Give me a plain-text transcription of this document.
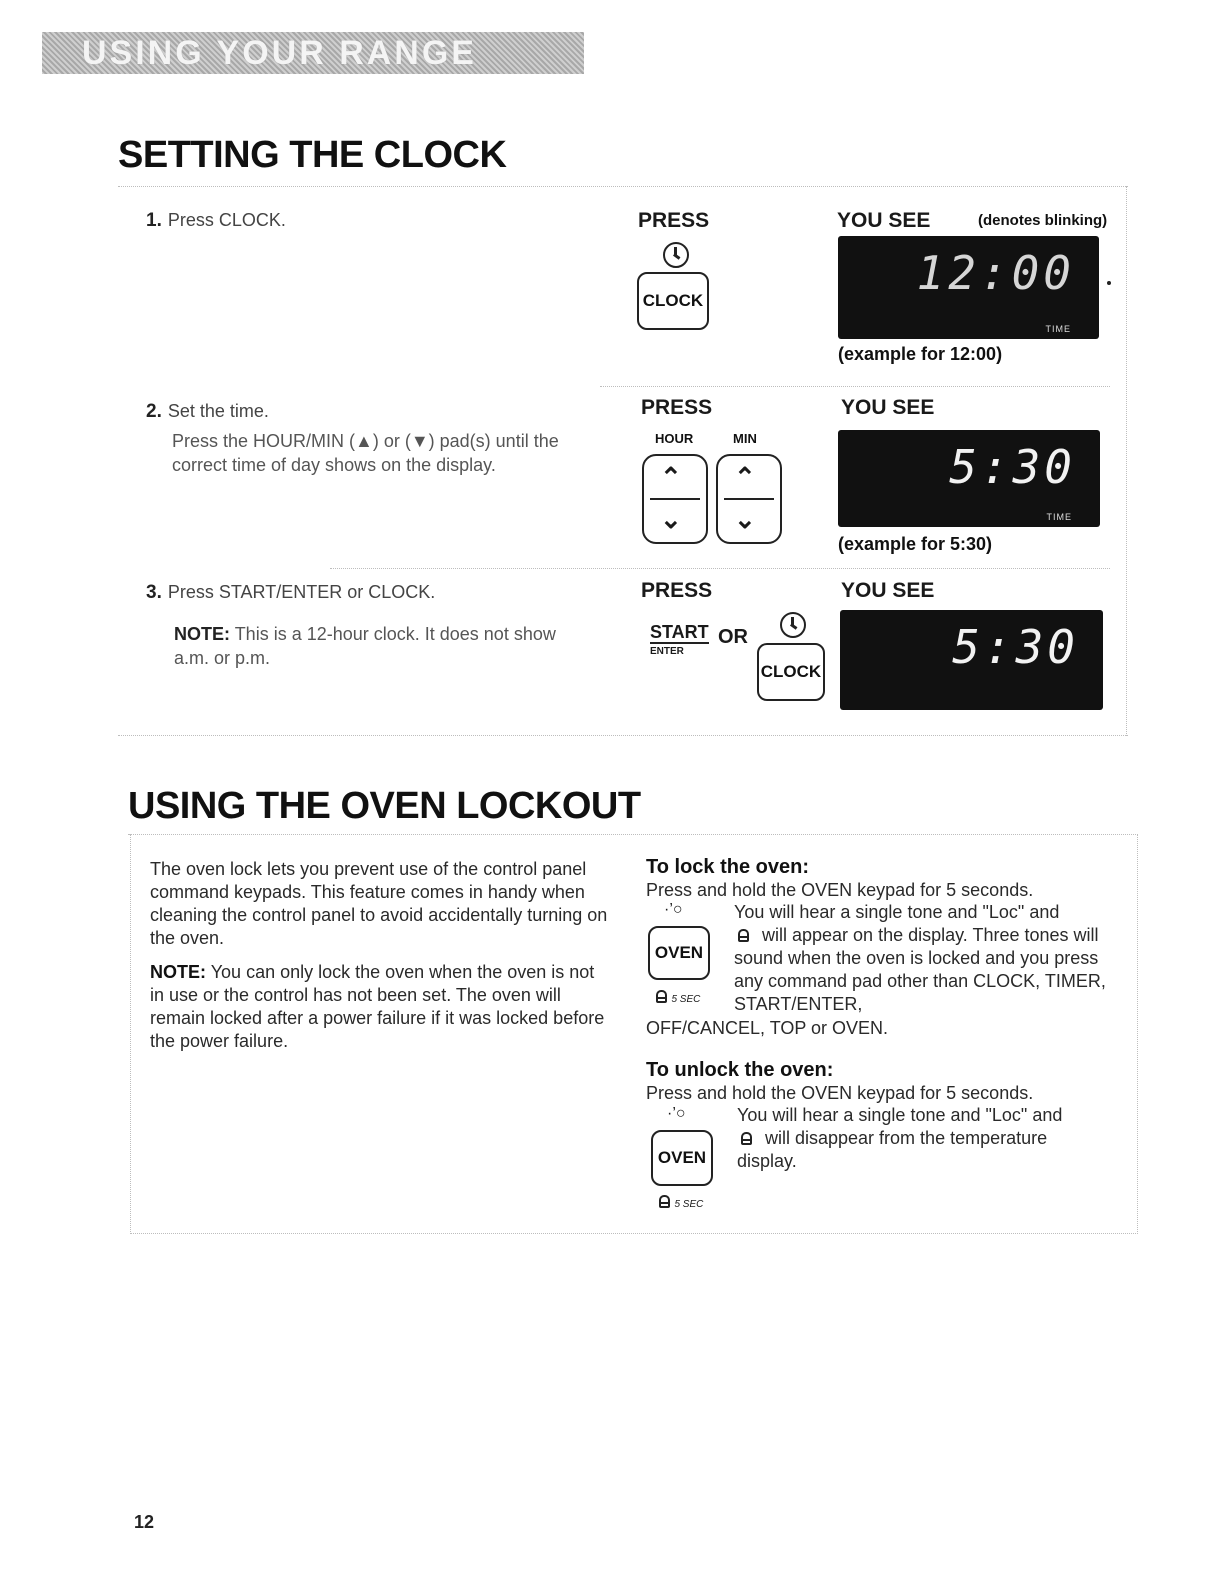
USING YOUR RANGE
SETTING THE CLOCK
1. Press CLOCK.	PRESS
CLOCK
YOU SEE	(denotes blinking)
12:00
TIME
(example for 12:00)
2. Set the time.
Press the HOUR/MIN (▲) or (▼) pad(s) until the correct time of day shows on the display.
PRESS
HOUR	MIN
⌃
⌄
⌃
⌄
YOU SEE
5:30
TIME
(example for 5:30)
3. Press START/ENTER or CLOCK.
NOTE: This is a 12-hour clock. It does not show a.m. or p.m.
PRESS
START
ENTER
OR
CLOCK
YOU SEE
5:30
USING THE OVEN LOCKOUT
The oven lock lets you prevent use of the control panel command keypads. This feature comes in handy when cleaning the control panel to avoid accidentally turning on the oven.
NOTE: You can only lock the oven when the oven is not in use or the control has not been set. The oven will remain locked after a power failure if it was locked before the power failure.
To lock the oven:
Press and hold the OVEN keypad for 5 seconds.
·’○
OVEN
5 SEC
You will hear a single tone and "Loc" and
will appear on the display. Three tones will sound when the oven is locked and you press any command pad other than CLOCK, TIMER, START/ENTER,
OFF/CANCEL, TOP or OVEN.
To unlock the oven:
Press and hold the OVEN keypad for 5 seconds.
·’○
OVEN
5 SEC
You will hear a single tone and "Loc" and
will disappear from the temperature display.
12
